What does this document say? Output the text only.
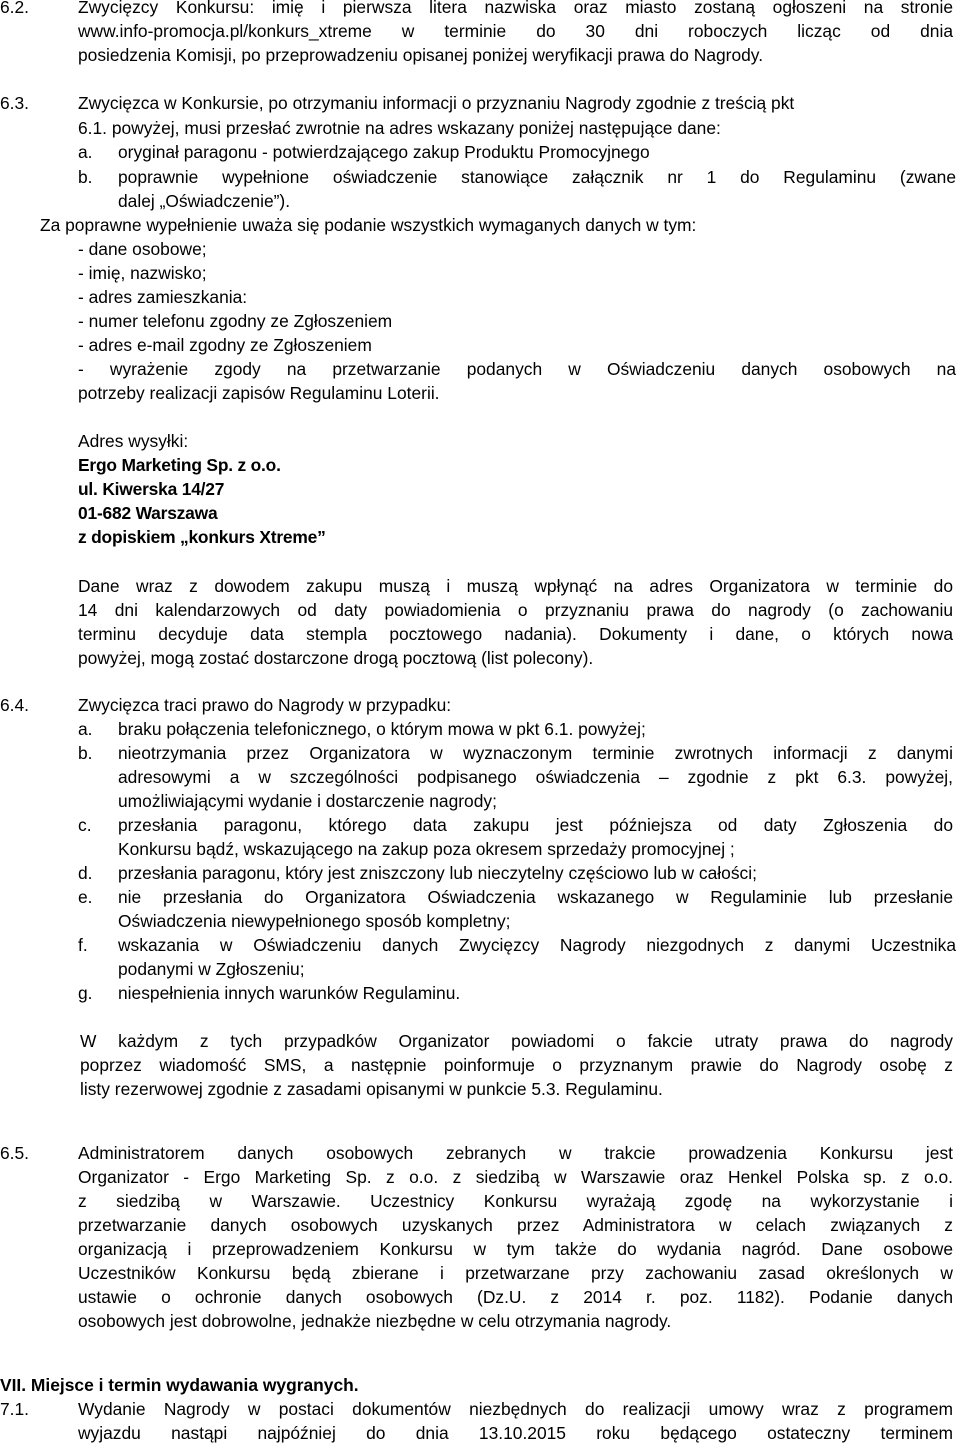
6.2.	Zwycięzcy Konkursu: imię i pierwsza litera nazwiska oraz miasto zostaną ogłoszeni na stronie
www.info-promocja.pl/konkurs_xtreme w terminie do 30 dni roboczych licząc od dnia
posiedzenia Komisji, po przeprowadzeniu opisanej poniżej weryfikacji prawa do Nagrody.
6.3.	Zwycięzca w Konkursie, po otrzymaniu informacji o przyznaniu Nagrody zgodnie z treścią pkt
6.1. powyżej, musi przesłać zwrotnie na adres wskazany poniżej następujące dane:
a. oryginał paragonu - potwierdzającego zakup Produktu Promocyjnego
b. poprawnie wypełnione oświadczenie stanowiące załącznik nr 1 do Regulaminu (zwane
dalej „Oświadczenie”).
Za poprawne wypełnienie uważa się podanie wszystkich wymaganych danych w tym:
- dane osobowe;
- imię, nazwisko;
- adres zamieszkania:
- numer telefonu zgodny ze Zgłoszeniem
- adres e-mail zgodny ze Zgłoszeniem
- wyrażenie zgody na przetwarzanie podanych w Oświadczeniu danych osobowych na
potrzeby realizacji zapisów Regulaminu Loterii.
Adres wysyłki:
Ergo Marketing Sp. z o.o.
ul. Kiwerska 14/27
01-682 Warszawa
z dopiskiem „konkurs Xtreme”
Dane wraz z dowodem zakupu muszą i muszą wpłynąć na adres Organizatora w terminie do
14 dni kalendarzowych od daty powiadomienia o przyznaniu prawa do nagrody (o zachowaniu
terminu decyduje data stempla pocztowego nadania). Dokumenty i dane, o których nowa
powyżej, mogą zostać dostarczone drogą pocztową (list polecony).
6.4.	Zwycięzca traci prawo do Nagrody w przypadku:
a. braku połączenia telefonicznego, o którym mowa w pkt 6.1. powyżej;
b. nieotrzymania przez Organizatora w wyznaczonym terminie zwrotnych informacji z danymi
adresowymi a w szczególności podpisanego oświadczenia – zgodnie z pkt 6.3. powyżej,
umożliwiającymi wydanie i dostarczenie nagrody;
c. przesłania paragonu, którego data zakupu jest późniejsza od daty Zgłoszenia do
Konkursu bądź, wskazującego na zakup poza okresem sprzedaży promocyjnej ;
d. przesłania paragonu, który jest zniszczony lub nieczytelny częściowo lub w całości;
e. nie przesłania do Organizatora Oświadczenia wskazanego w Regulaminie lub przesłanie
Oświadczenia niewypełnionego sposób kompletny;
f. wskazania w Oświadczeniu danych Zwycięzcy Nagrody niezgodnych z danymi Uczestnika
podanymi w Zgłoszeniu;
g. niespełnienia innych warunków Regulaminu.
W każdym z tych przypadków Organizator powiadomi o fakcie utraty prawa do nagrody
poprzez wiadomość SMS, a następnie poinformuje o przyznanym prawie do Nagrody osobę z
listy rezerwowej zgodnie z zasadami opisanymi w punkcie 5.3. Regulaminu.
6.5.	Administratorem danych osobowych zebranych w trakcie prowadzenia Konkursu jest
Organizator - Ergo Marketing Sp. z o.o. z siedzibą w Warszawie oraz Henkel Polska sp. z o.o.
z siedzibą w Warszawie. Uczestnicy Konkursu wyrażają zgodę na wykorzystanie i
przetwarzanie danych osobowych uzyskanych przez Administratora w celach związanych z
organizacją i przeprowadzeniem Konkursu w tym także do wydania nagród. Dane osobowe
Uczestników Konkursu będą zbierane i przetwarzane przy zachowaniu zasad określonych w
ustawie o ochronie danych osobowych (Dz.U. z 2014 r. poz. 1182). Podanie danych
osobowych jest dobrowolne, jednakże niezbędne w celu otrzymania nagrody.
VII. Miejsce i termin wydawania wygranych.
7.1.	Wydanie Nagrody w postaci dokumentów niezbędnych do realizacji umowy wraz z programem
wyjazdu nastąpi najpóźniej do dnia 13.10.2015 roku będącego ostateczny terminem
